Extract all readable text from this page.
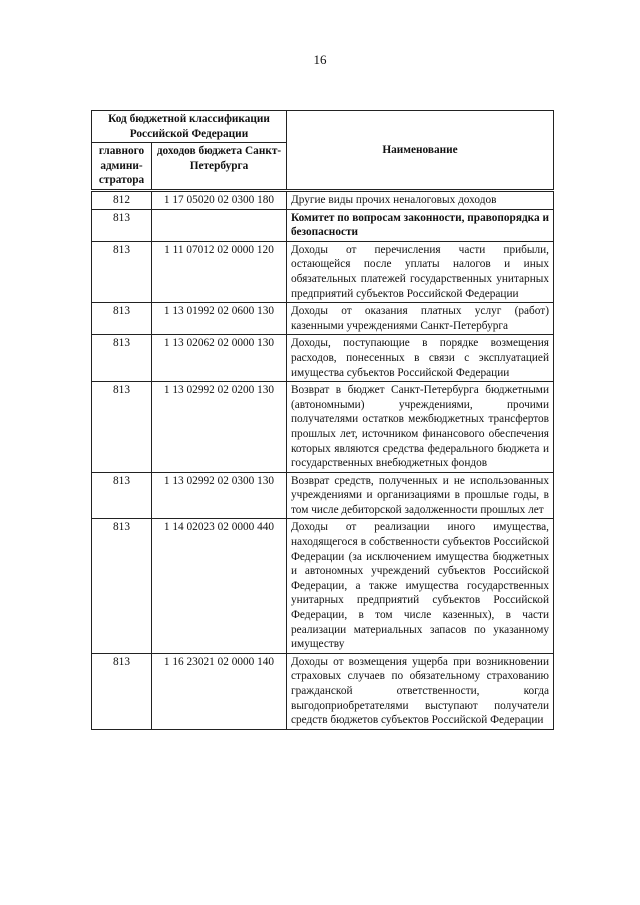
16
Код бюджетной классификации Российской Федерации		Наименование
главного админи-стратора	доходов бюджета Санкт-Петербурга	
812	1 17 05020 02 0300 180	Другие виды прочих неналоговых доходов
813		Комитет по вопросам законности, правопорядка и безопасности
813	1 11 07012 02 0000 120	Доходы от перечисления части прибыли, остающейся после уплаты налогов и иных обязательных платежей государственных унитарных предприятий субъектов Российской Федерации
813	1 13 01992 02 0600 130	Доходы от оказания платных услуг (работ) казенными учреждениями Санкт-Петербурга
813	1 13 02062 02 0000 130	Доходы, поступающие в порядке возмещения расходов, понесенных в связи с эксплуатацией имущества субъектов Российской Федерации
813	1 13 02992 02 0200 130	Возврат в бюджет Санкт-Петербурга бюджетными (автономными) учреждениями, прочими получателями остатков межбюджетных трансфертов прошлых лет, источником финансового обеспечения которых являются средства федерального бюджета и государственных внебюджетных фондов
813	1 13 02992 02 0300 130	Возврат средств, полученных и не использованных учреждениями и организациями в прошлые годы, в том числе дебиторской задолженности прошлых лет
813	1 14 02023 02 0000 440	Доходы от реализации иного имущества, находящегося в собственности субъектов Российской Федерации (за исключением имущества бюджетных и автономных учреждений субъектов Российской Федерации, а также имущества государственных унитарных предприятий субъектов Российской Федерации, в том числе казенных), в части реализации материальных запасов по указанному имуществу
813	1 16 23021 02 0000 140	Доходы от возмещения ущерба при возникновении страховых случаев по обязательному страхованию гражданской ответственности, когда выгодоприобретателями выступают получатели средств бюджетов субъектов Российской Федерации
